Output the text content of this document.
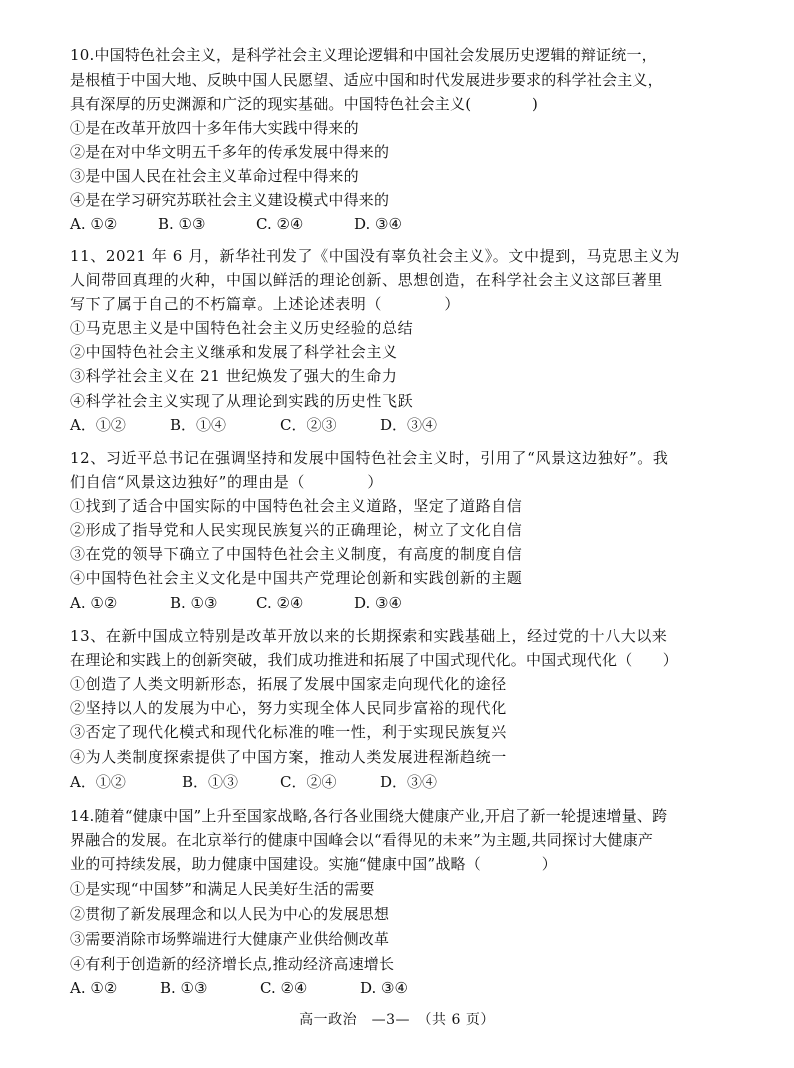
10.中国特色社会主义，是科学社会主义理论逻辑和中国社会发展历史逻辑的辩证统一，
是根植于中国大地、反映中国人民愿望、适应中国和时代发展进步要求的科学社会主义，
具有深厚的历史渊源和广泛的现实基础。中国特色社会主义(　　　　)
①是在改革开放四十多年伟大实践中得来的
②是在对中华文明五千多年的传承发展中得来的
③是中国人民在社会主义革命过程中得来的
④是在学习研究苏联社会主义建设模式中得来的
A. ①②	B. ①③	C. ②④	D. ③④
11、2021 年 6 月，新华社刊发了《中国没有辜负社会主义》。文中提到，马克思主义为
人间带回真理的火种，中国以鲜活的理论创新、思想创造，在科学社会主义这部巨著里
写下了属于自己的不朽篇章。上述论述表明（　　　　）
①马克思主义是中国特色社会主义历史经验的总结
②中国特色社会主义继承和发展了科学社会主义
③科学社会主义在 21 世纪焕发了强大的生命力
④科学社会主义实现了从理论到实践的历史性飞跃
A．①②	B．①④	C．②③	D．③④
12、习近平总书记在强调坚持和发展中国特色社会主义时，引用了“风景这边独好”。我
们自信“风景这边独好”的理由是（　　　　）
①找到了适合中国实际的中国特色社会主义道路，坚定了道路自信
②形成了指导党和人民实现民族复兴的正确理论，树立了文化自信
③在党的领导下确立了中国特色社会主义制度，有高度的制度自信
④中国特色社会主义文化是中国共产党理论创新和实践创新的主题
A. ①②	B. ①③	C. ②④	D. ③④
13、在新中国成立特别是改革开放以来的长期探索和实践基础上，经过党的十八大以来
在理论和实践上的创新突破，我们成功推进和拓展了中国式现代化。中国式现代化（　　）
①创造了人类文明新形态，拓展了发展中国家走向现代化的途径
②坚持以人的发展为中心，努力实现全体人民同步富裕的现代化
③否定了现代化模式和现代化标准的唯一性，利于实现民族复兴
④为人类制度探索提供了中国方案，推动人类发展进程渐趋统一
A．①②	B．①③	C．②④	D．③④
14.随着“健康中国”上升至国家战略,各行各业围绕大健康产业,开启了新一轮提速增量、跨
界融合的发展。在北京举行的健康中国峰会以“看得见的未来”为主题,共同探讨大健康产
业的可持续发展，助力健康中国建设。实施“健康中国”战略（　　　　）
①是实现“中国梦”和满足人民美好生活的需要
②贯彻了新发展理念和以人民为中心的发展思想
③需要消除市场弊端进行大健康产业供给侧改革
④有利于创造新的经济增长点,推动经济高速增长
A. ①②	B. ①③	C. ②④	D. ③④
高一政治　—3—　（共 6 页）
